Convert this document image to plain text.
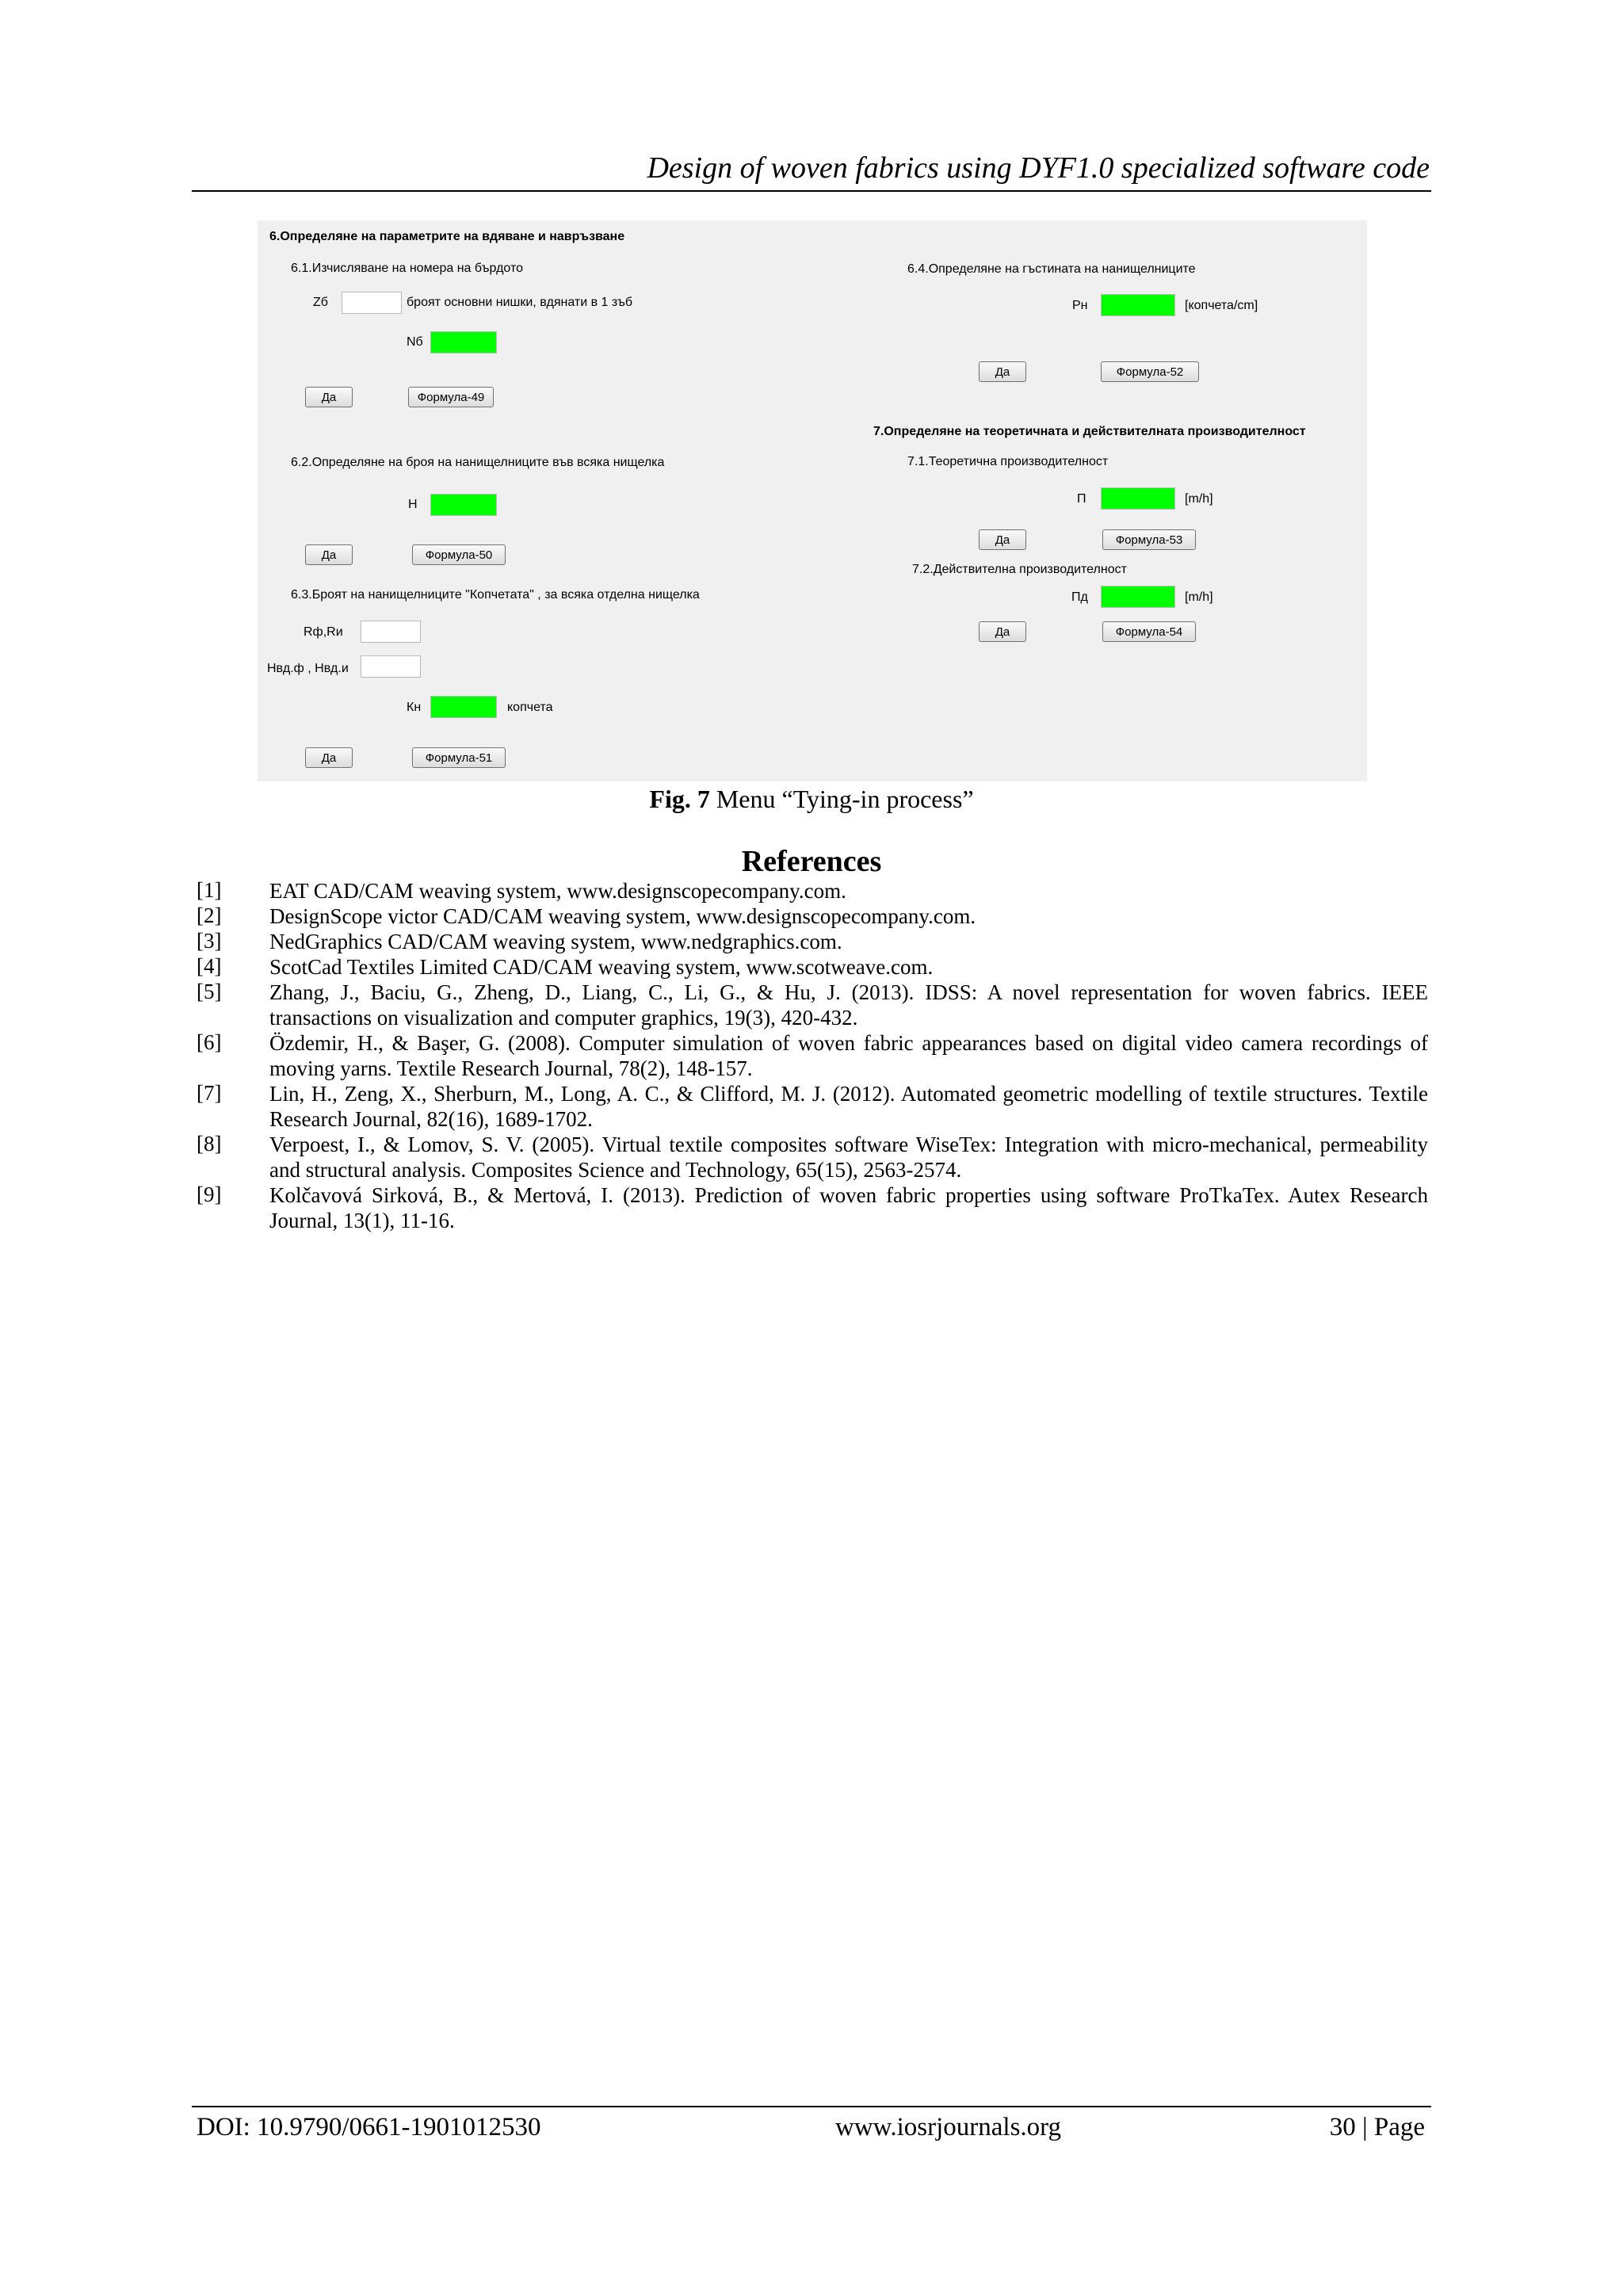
Design of woven fabrics using DYF1.0 specialized software code
6.Определяне на параметрите на вдяване и навръзване
6.1.Изчисляване на номера на бърдото
Zб	броят основни нишки, вдянати в 1 зъб
Nб
Да	Формула-49
6.2.Определяне на броя на нанищелниците във всяка нищелка
Н
Да	Формула-50
6.3.Броят на нанищелниците "Копчетата" , за всяка отделна нищелка
Rф,Rи
Нвд.ф , Нвд.и
Кн	копчета
Да	Формула-51
6.4.Определяне на гъстината на нанищелниците
Рн	[копчета/cm]
Да	Формула-52
7.Определяне на теоретичната и действителната производителност
7.1.Теоретична производителност
П	[m/h]
Да	Формула-53
7.2.Действителна производителност
Пд	[m/h]
Да	Формула-54
Fig. 7 Menu “Tying-in process”
References
[1] EAT CAD/CAM weaving system, www.designscopecompany.com.
[2] DesignScope victor CAD/CAM weaving system, www.designscopecompany.com.
[3] NedGraphics CAD/CAM weaving system, www.nedgraphics.com.
[4] ScotCad Textiles Limited CAD/CAM weaving system, www.scotweave.com.
[5] Zhang, J., Baciu, G., Zheng, D., Liang, C., Li, G., & Hu, J. (2013). IDSS: A novel representation for woven fabrics. IEEE
transactions on visualization and computer graphics, 19(3), 420-432.
[6] Özdemir, H., & Başer, G. (2008). Computer simulation of woven fabric appearances based on digital video camera recordings of
moving yarns. Textile Research Journal, 78(2), 148-157.
[7] Lin, H., Zeng, X., Sherburn, M., Long, A. C., & Clifford, M. J. (2012). Automated geometric modelling of textile structures. Textile
Research Journal, 82(16), 1689-1702.
[8] Verpoest, I., & Lomov, S. V. (2005). Virtual textile composites software WiseTex: Integration with micro-mechanical, permeability
and structural analysis. Composites Science and Technology, 65(15), 2563-2574.
[9] Kolčavová Sirková, B., & Mertová, I. (2013). Prediction of woven fabric properties using software ProTkaTex. Autex Research
Journal, 13(1), 11-16.
DOI: 10.9790/0661-1901012530	www.iosrjournals.org	30 | Page
